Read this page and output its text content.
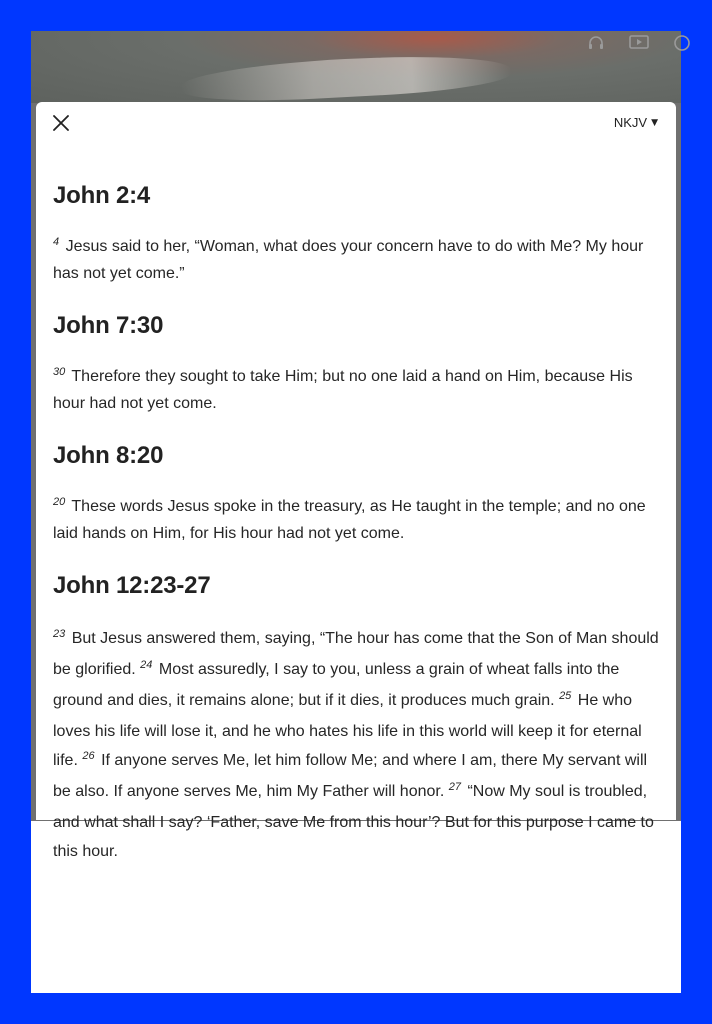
NKJV ▼
John 2:4

$^4$ Jesus said to her, “Woman, what does your concern have to do with Me? My hour has not yet come.”

John 7:30

$^{30}$ Therefore they sought to take Him; but no one laid a hand on Him, because His hour had not yet come.

John 8:20

$^{20}$ These words Jesus spoke in the treasury, as He taught in the temple; and no one laid hands on Him, for His hour had not yet come.

John 12:23-27

$^{23}$ But Jesus answered them, saying, “The hour has come that the Son of Man should be glorified. $^{24}$ Most assuredly, I say to you, unless a grain of wheat falls into the ground and dies, it remains alone; but if it dies, it produces much grain. $^{25}$ He who loves his life will lose it, and he who hates his life in this world will keep it for eternal life. $^{26}$ If anyone serves Me, let him follow Me; and where I am, there My servant will be also. If anyone serves Me, him My Father will honor. $^{27}$ “Now My soul is troubled, and what shall I say? ‘Father, save Me from this hour’? But for this purpose I came to this hour.
